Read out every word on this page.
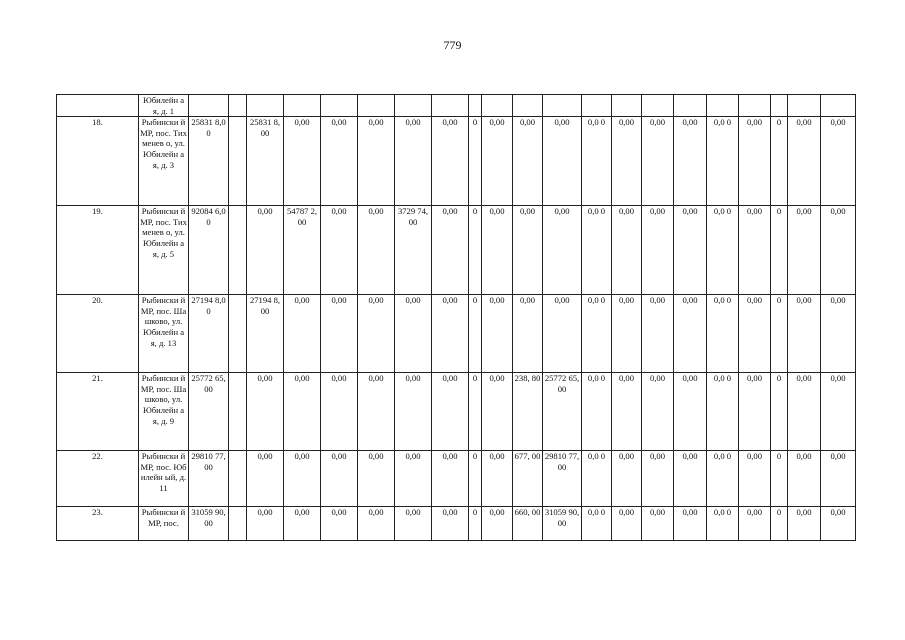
779
	Юбилейн ая, д. 1																					
18.	Рыбински й МР, пос. Тихменев о, ул. Юбилейн ая, д. 3	25831 8,00		25831 8,00	0,00	0,00	0,00	0,00	0,00	0	0,00	0,00	0,00	0,0 0	0,00	0,00	0,00	0,0 0	0,00	0	0,00	0,00
19.	Рыбински й МР, пос. Тихменев о, ул. Юбилейн ая, д. 5	92084 6,00		0,00	54787 2,00	0,00	0,00	3729 74,00	0,00	0	0,00	0,00	0,00	0,0 0	0,00	0,00	0,00	0,0 0	0,00	0	0,00	0,00
20.	Рыбински й МР, пос. Шашково, ул. Юбилейн ая, д. 13	27194 8,00		27194 8,00	0,00	0,00	0,00	0,00	0,00	0	0,00	0,00	0,00	0,0 0	0,00	0,00	0,00	0,0 0	0,00	0	0,00	0,00
21.	Рыбински й МР, пос. Шашково, ул. Юбилейн ая, д. 9	25772 65,00		0,00	0,00	0,00	0,00	0,00	0,00	0	0,00	238, 80	25772 65,00	0,0 0	0,00	0,00	0,00	0,0 0	0,00	0	0,00	0,00
22.	Рыбински й МР, пос. Юбилейн ый, д. 11	29810 77,00		0,00	0,00	0,00	0,00	0,00	0,00	0	0,00	677, 00	29810 77,00	0,0 0	0,00	0,00	0,00	0,0 0	0,00	0	0,00	0,00
23.	Рыбински й МР, пос.	31059 90,00		0,00	0,00	0,00	0,00	0,00	0,00	0	0,00	660, 00	31059 90,00	0,0 0	0,00	0,00	0,00	0,0 0	0,00	0	0,00	0,00
